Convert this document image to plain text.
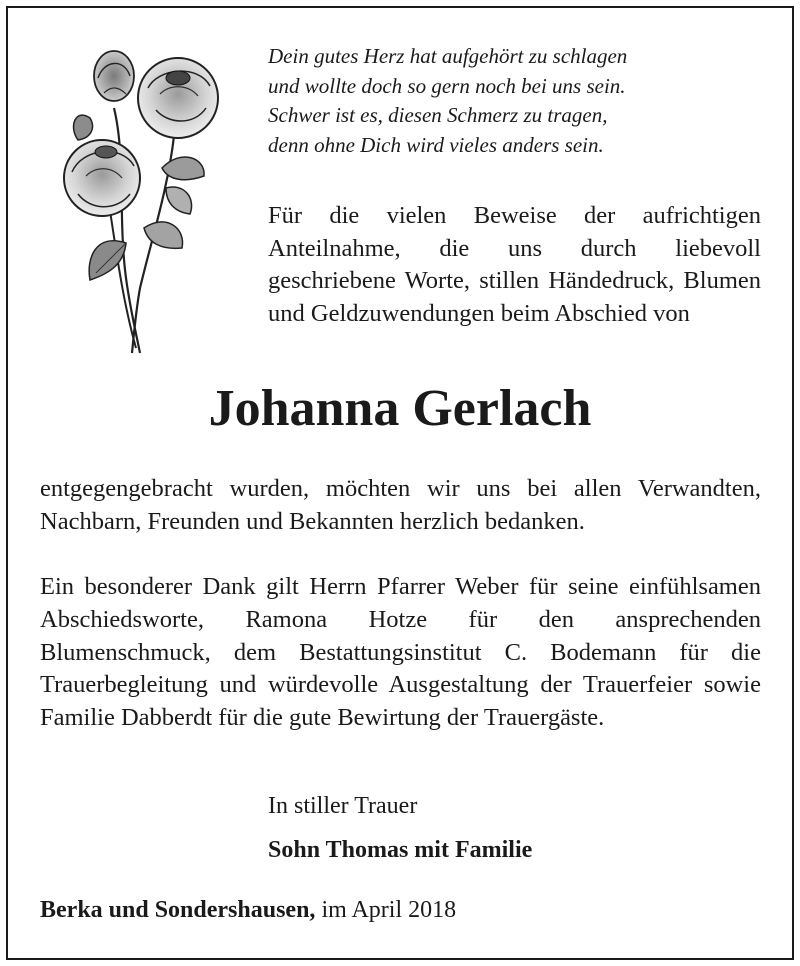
Dein gutes Herz hat aufgehört zu schlagen
und wollte doch so gern noch bei uns sein.
Schwer ist es, diesen Schmerz zu tragen,
denn ohne Dich wird vieles anders sein.

Für die vielen Beweise der aufrichtigen Anteilnahme, die uns durch liebevoll geschriebene Worte, stillen Händedruck, Blumen und Geldzuwendungen beim Abschied von

Johanna Gerlach

entgegengebracht wurden, möchten wir uns bei allen Verwandten, Nachbarn, Freunden und Bekannten herzlich bedanken.

Ein besonderer Dank gilt Herrn Pfarrer Weber für seine einfühlsamen Abschiedsworte, Ramona Hotze für den ansprechenden Blumenschmuck, dem Bestattungsinstitut C. Bodemann für die Trauerbegleitung und würdevolle Ausgestaltung der Trauerfeier sowie Familie Dabberdt für die gute Bewirtung der Trauergäste.

In stiller Trauer

Sohn Thomas mit Familie

Berka und Sondershausen, im April 2018
